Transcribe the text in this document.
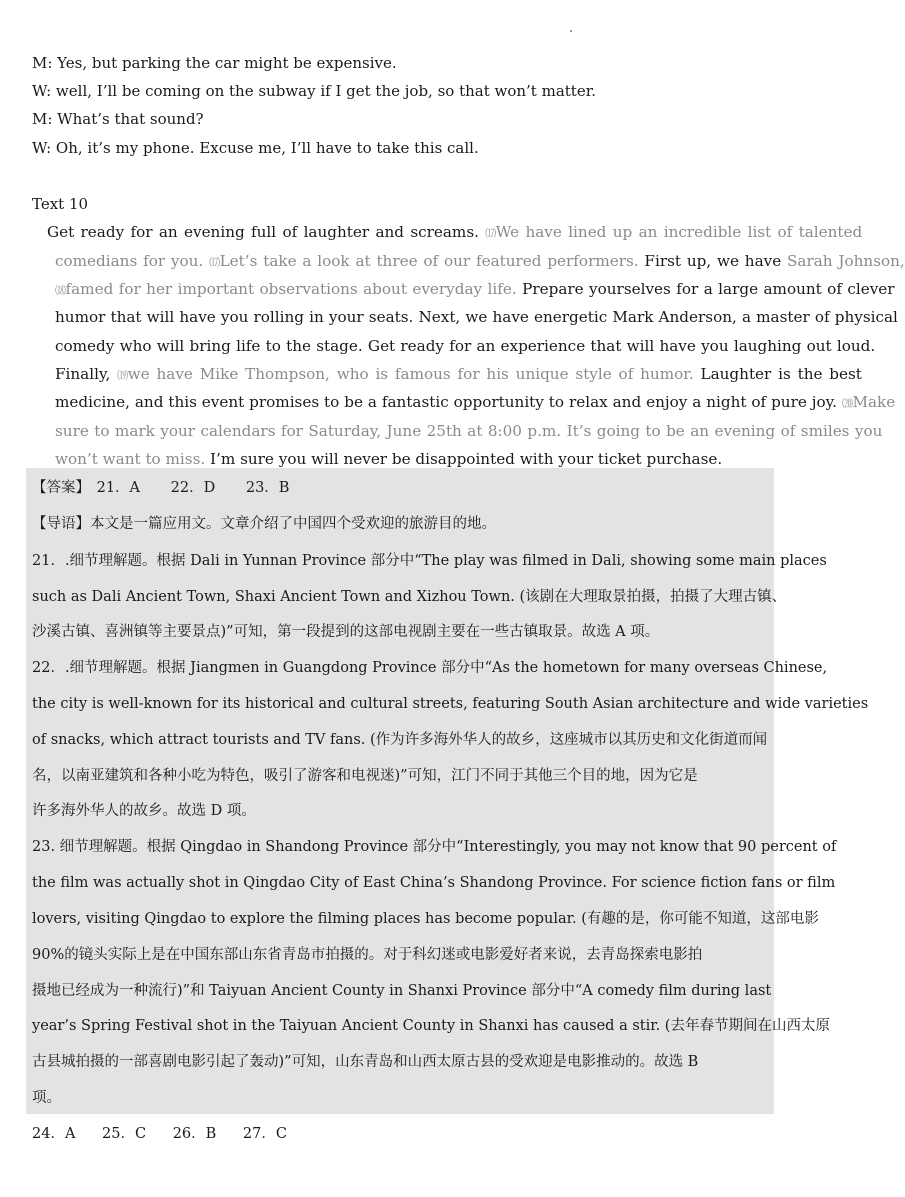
M: Yes, but parking the car might be expensive.
W: well, I’ll be coming on the subway if I get the job, so that won’t matter.
M: What’s that sound?
W: Oh, it’s my phone. Excuse me, I’ll have to take this call.
Text 10
Get ready for an evening full of laughter and screams. ⒄We have lined up an incredible list of talented
comedians for you. ⒄Let’s take a look at three of our featured performers. First up, we have Sarah Johnson,
⒅famed for her important observations about everyday life. Prepare yourselves for a large amount of clever
humor that will have you rolling in your seats. Next, we have energetic Mark Anderson, a master of physical
comedy who will bring life to the stage. Get ready for an experience that will have you laughing out loud.
Finally, ⒆we have Mike Thompson, who is famous for his unique style of humor. Laughter is the best
medicine, and this event promises to be a fantastic opportunity to relax and enjoy a night of pure joy. ⒇Make
sure to mark your calendars for Saturday, June 25th at 8:00 p.m. It’s going to be an evening of smiles you
won’t want to miss. I’m sure you will never be disappointed with your ticket purchase.
【答案】 21．A 22．D 23．B
【导语】本文是一篇应用文。文章介绍了中国四个受欢迎的旅游目的地。
21．.细节理解题。根据 Dali in Yunnan Province 部分中“The play was filmed in Dali, showing some main places
such as Dali Ancient Town, Shaxi Ancient Town and Xizhou Town. (该剧在大理取景拍摄，拍摄了大理古镇、
沙溪古镇、喜洲镇等主要景点)”可知，第一段提到的这部电视剧主要在一些古镇取景。故选 A 项。
22．.细节理解题。根据 Jiangmen in Guangdong Province 部分中“As the hometown for many overseas Chinese,
the city is well-known for its historical and cultural streets, featuring South Asian architecture and wide varieties
of snacks, which attract tourists and TV fans. (作为许多海外华人的故乡，这座城市以其历史和文化街道而闻
名，以南亚建筑和各种小吃为特色，吸引了游客和电视迷)”可知，江门不同于其他三个目的地，因为它是
许多海外华人的故乡。故选 D 项。
23. 细节理解题。根据 Qingdao in Shandong Province 部分中“Interestingly, you may not know that 90 percent of
the film was actually shot in Qingdao City of East China’s Shandong Province. For science fiction fans or film
lovers, visiting Qingdao to explore the filming places has become popular. (有趣的是，你可能不知道，这部电影
90%的镜头实际上是在中国东部山东省青岛市拍摄的。对于科幻迷或电影爱好者来说，去青岛探索电影拍
摄地已经成为一种流行)”和 Taiyuan Ancient County in Shanxi Province 部分中“A comedy film during last
year’s Spring Festival shot in the Taiyuan Ancient County in Shanxi has caused a stir. (去年春节期间在山西太原
古县城拍摄的一部喜剧电影引起了轰动)”可知，山东青岛和山西太原古县的受欢迎是电影推动的。故选 B
项。
24．A 25．C 26．B 27．C
